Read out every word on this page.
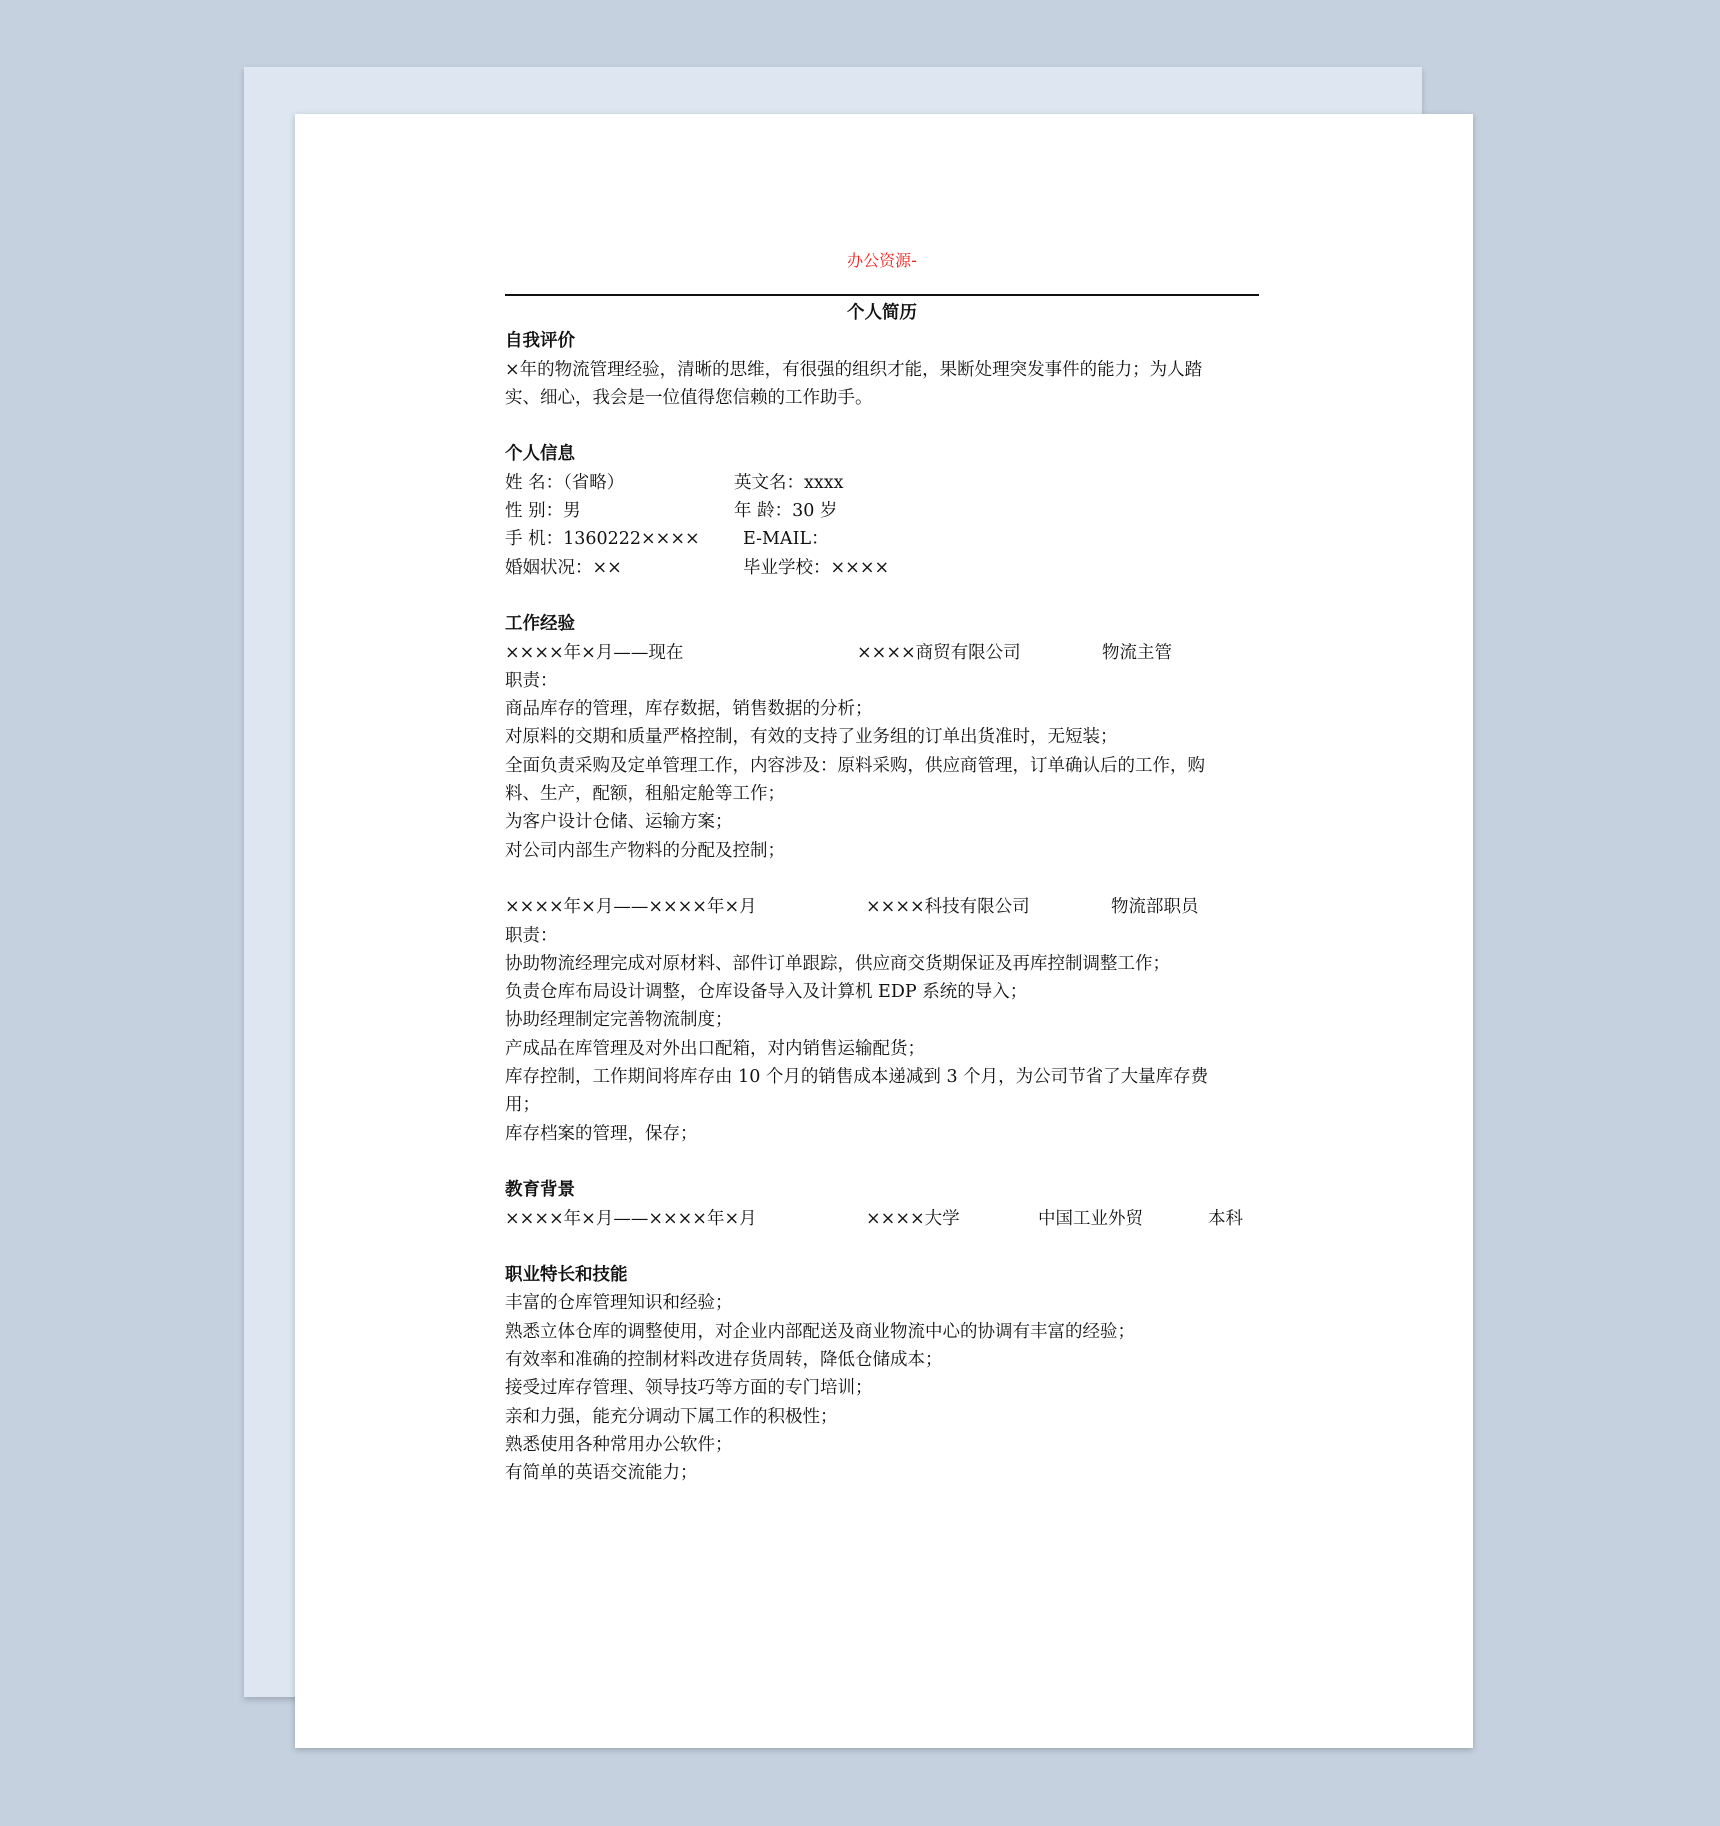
办公资源-
个人简历
自我评价
×年的物流管理经验，清晰的思维，有很强的组织才能，果断处理突发事件的能力；为人踏
实、细心，我会是一位值得您信赖的工作助手。
个人信息
姓 名：（省略）	英文名：xxxx
性 别：男	年 龄：30 岁
手 机：1360222××××	E-MAIL：
婚姻状况：××	毕业学校：××××
工作经验
××××年×月——现在	××××商贸有限公司	物流主管
职责：
商品库存的管理，库存数据，销售数据的分析；
对原料的交期和质量严格控制，有效的支持了业务组的订单出货准时，无短装；
全面负责采购及定单管理工作，内容涉及：原料采购，供应商管理，订单确认后的工作，购
料、生产，配额，租船定舱等工作；
为客户设计仓储、运输方案；
对公司内部生产物料的分配及控制；
××××年×月——××××年×月	××××科技有限公司	物流部职员
职责：
协助物流经理完成对原材料、部件订单跟踪，供应商交货期保证及再库控制调整工作；
负责仓库布局设计调整，仓库设备导入及计算机 EDP 系统的导入；
协助经理制定完善物流制度；
产成品在库管理及对外出口配箱，对内销售运输配货；
库存控制，工作期间将库存由 10 个月的销售成本递减到 3 个月，为公司节省了大量库存费
用；
库存档案的管理，保存；
教育背景
××××年×月——××××年×月	××××大学	中国工业外贸	本科
职业特长和技能
丰富的仓库管理知识和经验；
熟悉立体仓库的调整使用，对企业内部配送及商业物流中心的协调有丰富的经验；
有效率和准确的控制材料改进存货周转，降低仓储成本；
接受过库存管理、领导技巧等方面的专门培训；
亲和力强，能充分调动下属工作的积极性；
熟悉使用各种常用办公软件；
有简单的英语交流能力；
